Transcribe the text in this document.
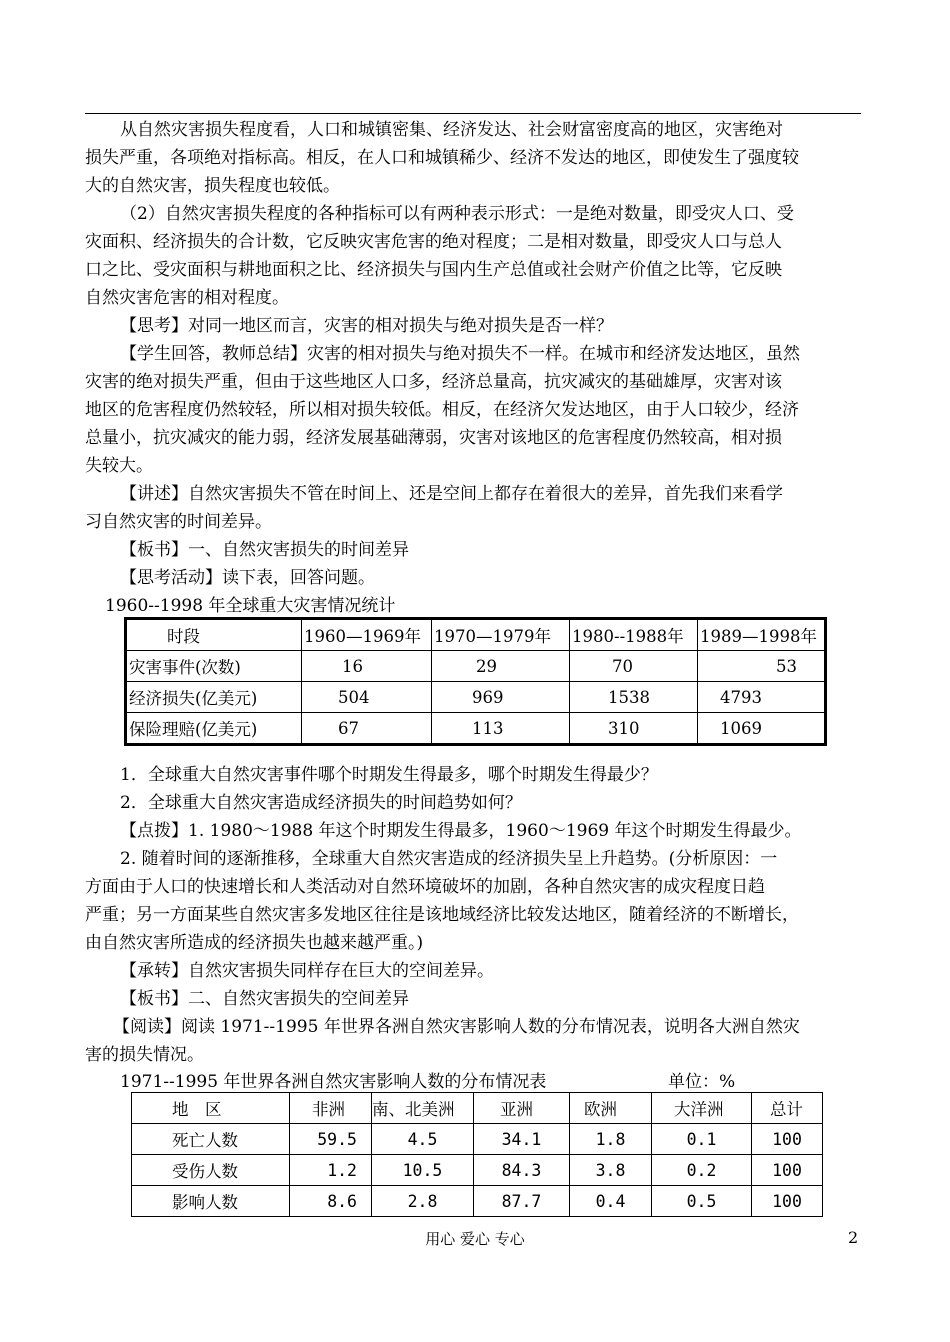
从自然灾害损失程度看，人口和城镇密集、经济发达、社会财富密度高的地区，灾害绝对
损失严重，各项绝对指标高。相反，在人口和城镇稀少、经济不发达的地区，即使发生了强度较
大的自然灾害，损失程度也较低。
（2）自然灾害损失程度的各种指标可以有两种表示形式：一是绝对数量，即受灾人口、受
灾面积、经济损失的合计数，它反映灾害危害的绝对程度；二是相对数量，即受灾人口与总人
口之比、受灾面积与耕地面积之比、经济损失与国内生产总值或社会财产价值之比等，它反映
自然灾害危害的相对程度。
【思考】对同一地区而言，灾害的相对损失与绝对损失是否一样？
【学生回答，教师总结】灾害的相对损失与绝对损失不一样。在城市和经济发达地区，虽然
灾害的绝对损失严重，但由于这些地区人口多，经济总量高，抗灾减灾的基础雄厚，灾害对该
地区的危害程度仍然较轻，所以相对损失较低。相反，在经济欠发达地区，由于人口较少，经济
总量小，抗灾减灾的能力弱，经济发展基础薄弱，灾害对该地区的危害程度仍然较高，相对损
失较大。
【讲述】自然灾害损失不管在时间上、还是空间上都存在着很大的差异，首先我们来看学
习自然灾害的时间差异。
【板书】一、自然灾害损失的时间差异
【思考活动】读下表，回答问题。
1960--1998 年全球重大灾害情况统计
时段	1960—1969年	1970—1979年	1980--1988年	1989—1998年
灾害事件(次数)	16	29	70	53
经济损失(亿美元)	504	969	1538	4793
保险理赔(亿美元)	67	113	310	1069
1．全球重大自然灾害事件哪个时期发生得最多，哪个时期发生得最少？
2．全球重大自然灾害造成经济损失的时间趋势如何？
【点拨】1. 1980～1988 年这个时期发生得最多，1960～1969 年这个时期发生得最少。
2. 随着时间的逐渐推移，全球重大自然灾害造成的经济损失呈上升趋势。(分析原因：一
方面由于人口的快速增长和人类活动对自然环境破坏的加剧，各种自然灾害的成灾程度日趋
严重；另一方面某些自然灾害多发地区往往是该地域经济比较发达地区，随着经济的不断增长，
由自然灾害所造成的经济损失也越来越严重。)
【承转】自然灾害损失同样存在巨大的空间差异。
【板书】二、自然灾害损失的空间差异
【阅读】阅读 1971--1995 年世界各洲自然灾害影响人数的分布情况表，说明各大洲自然灾
害的损失情况。
1971--1995 年世界各洲自然灾害影响人数的分布情况表	单位：%
地　区	非洲	南、北美洲	亚洲	欧洲	大洋洲	总计
死亡人数	59.5	4.5	34.1	1.8	0.1	100
受伤人数	1.2	10.5	84.3	3.8	0.2	100
影响人数	8.6	2.8	87.7	0.4	0.5	100
用心 爱心 专心	2
